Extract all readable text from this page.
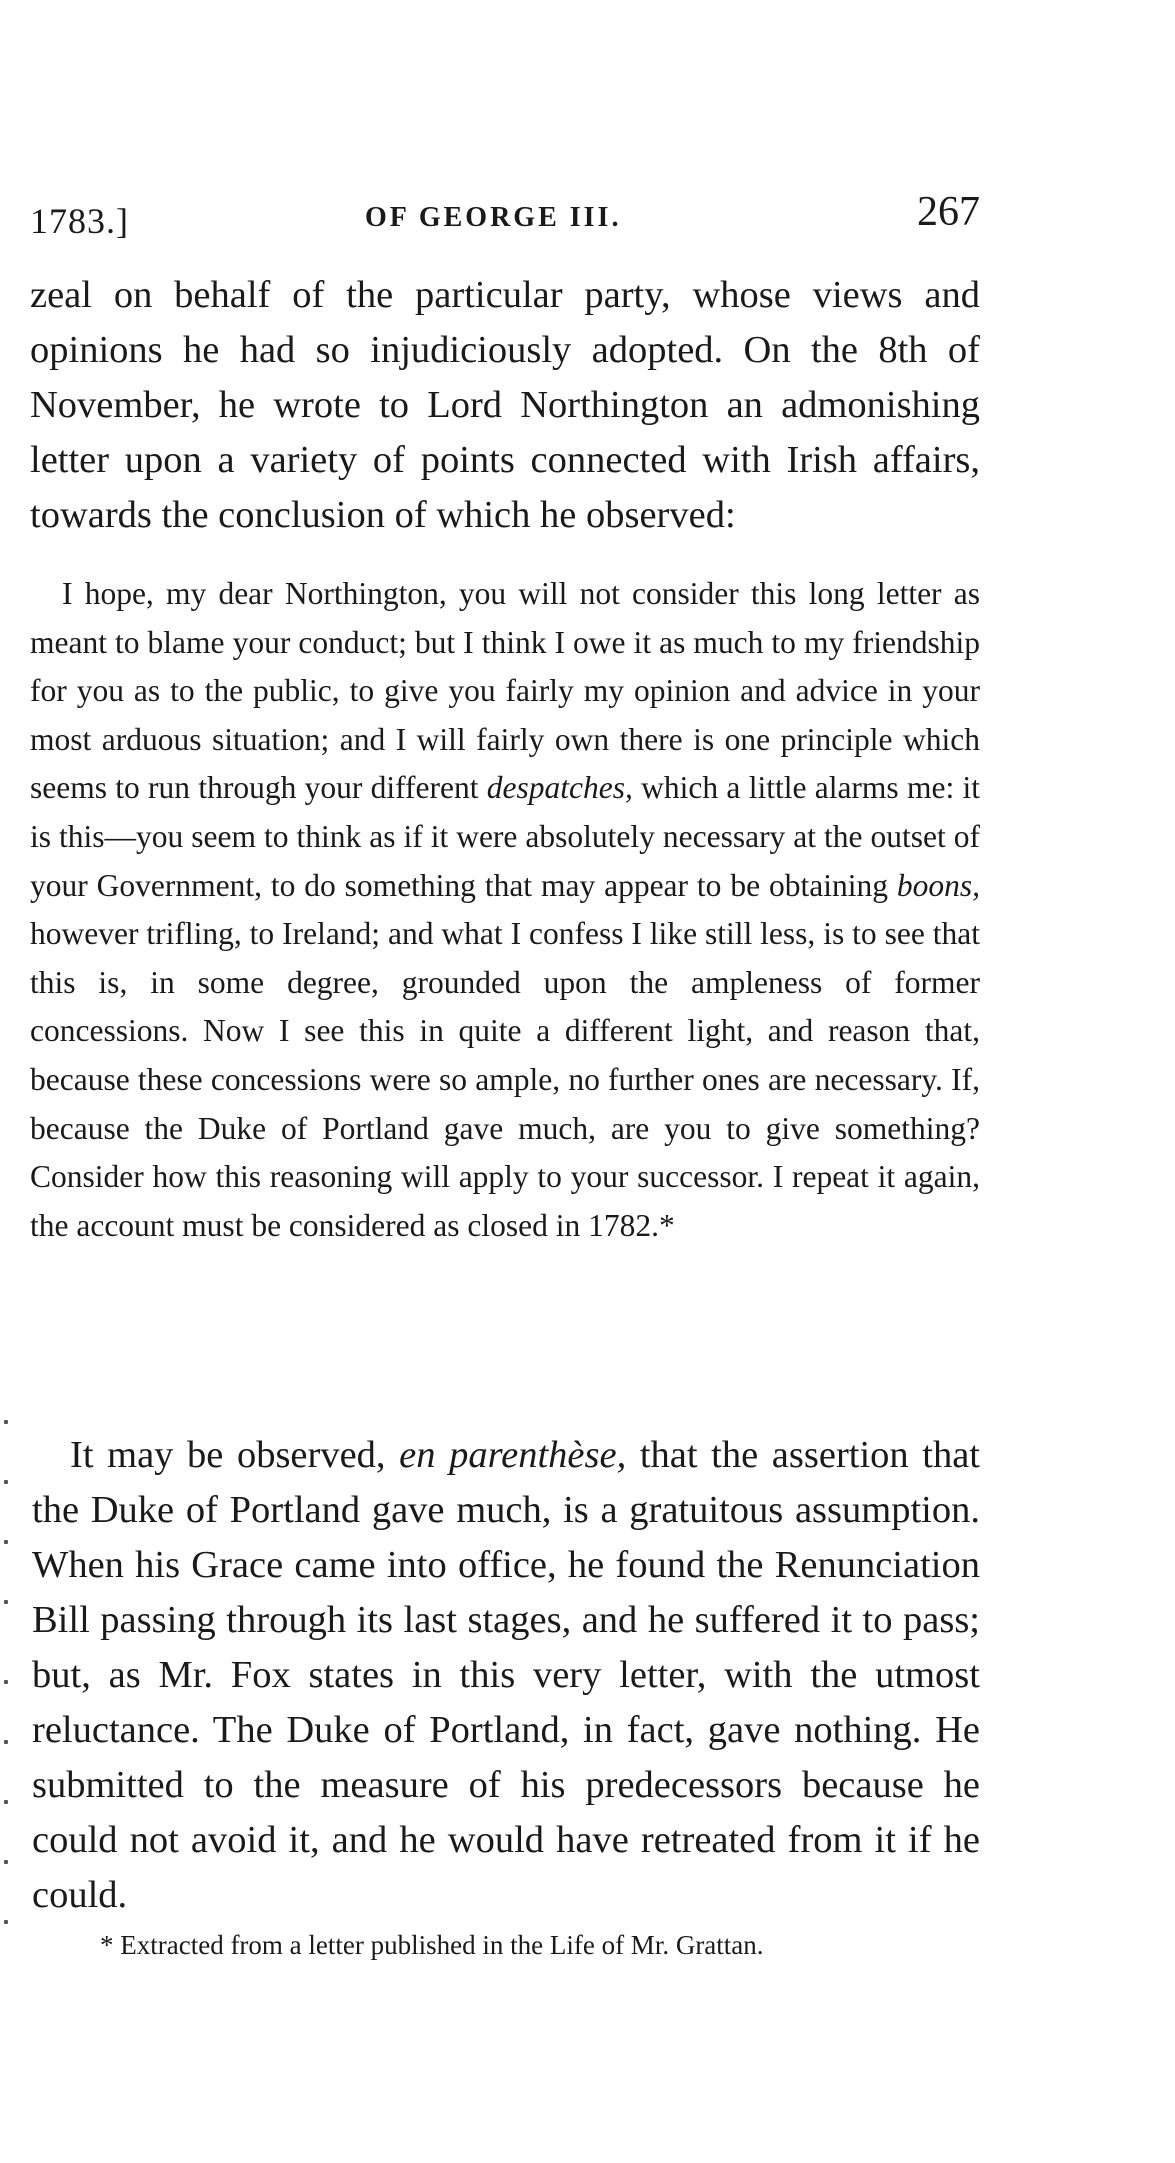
1783.]	OF GEORGE III.	267
zeal on behalf of the particular party, whose views and opinions he had so injudiciously adopted. On the 8th of November, he wrote to Lord Northington an admonishing letter upon a variety of points connected with Irish affairs, towards the conclusion of which he observed:
I hope, my dear Northington, you will not consider this long letter as meant to blame your conduct; but I think I owe it as much to my friendship for you as to the public, to give you fairly my opinion and advice in your most arduous situation; and I will fairly own there is one principle which seems to run through your different despatches, which a little alarms me: it is this—you seem to think as if it were absolutely necessary at the outset of your Government, to do something that may appear to be obtaining boons, however trifling, to Ireland; and what I confess I like still less, is to see that this is, in some degree, grounded upon the ampleness of former concessions. Now I see this in quite a different light, and reason that, because these concessions were so ample, no further ones are necessary. If, because the Duke of Portland gave much, are you to give something? Consider how this reasoning will apply to your successor. I repeat it again, the account must be considered as closed in 1782.*
It may be observed, en parenthèse, that the assertion that the Duke of Portland gave much, is a gratuitous assumption. When his Grace came into office, he found the Renunciation Bill passing through its last stages, and he suffered it to pass; but, as Mr. Fox states in this very letter, with the utmost reluctance. The Duke of Portland, in fact, gave nothing. He submitted to the measure of his predecessors because he could not avoid it, and he would have retreated from it if he could.
* Extracted from a letter published in the Life of Mr. Grattan.
